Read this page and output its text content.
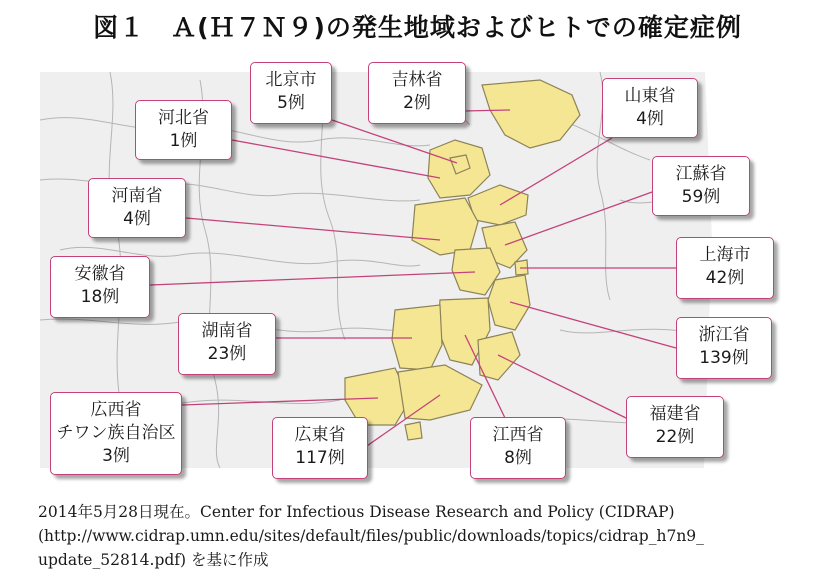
図１　Ａ(Ｈ７Ｎ９)の発生地域およびヒトでの確定症例
北京市
5例
吉林省
2例	山東省
4例
河北省
1例
江蘇省
59例
河南省
4例
上海市
42例
安徽省
18例
湖南省
23例
浙江省
139例
広西省
チワン族自治区
3例
福建省
22例
広東省
117例
江西省
8例
2014年5月28日現在。Center for Infectious Disease Research and Policy (CIDRAP)
(http://www.cidrap.umn.edu/sites/default/files/public/downloads/topics/cidrap_h7n9_
update_52814.pdf) を基に作成
